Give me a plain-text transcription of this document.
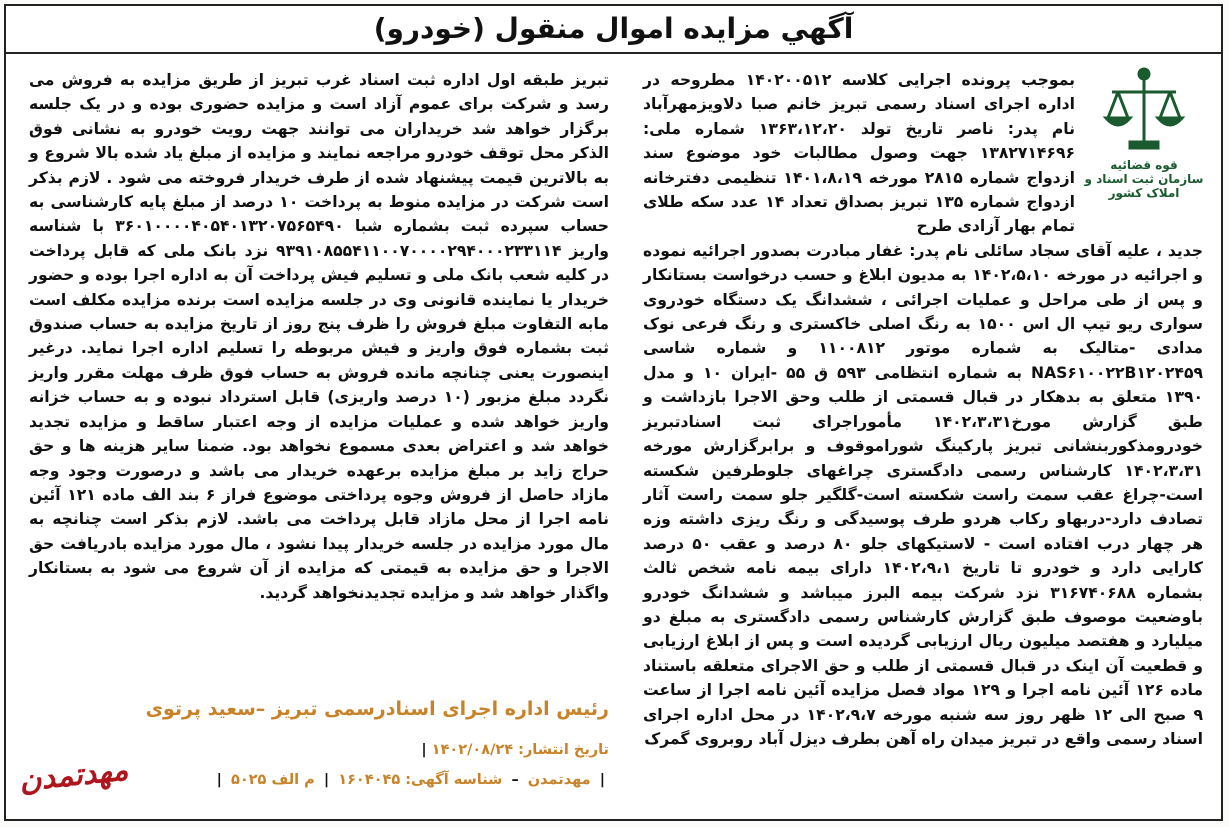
آگهي مزايده اموال منقول (خودرو)
قوه قضائیه
سازمان ثبت اسناد و املاک کشور

بموجب پرونده اجرایی کلاسه ۱۴۰۲۰۰۵۱۲ مطروحه در اداره اجرای اسناد رسمی تبریز خانم صبا دلاویزمهرآباد نام پدر: ناصر تاریخ تولد ۱۳۶۳،۱۲،۲۰ شماره ملی: ۱۳۸۲۷۱۴۶۹۶ جهت وصول مطالبات خود موضوع سند ازدواج شماره ۲۸۱۵ مورخه ۱۴۰۱،۸،۱۹ تنظیمی دفترخانه ازدواج شماره ۱۳۵ تبریز بصداق تعداد ۱۴ عدد سکه طلای تمام بهار آزادی طرح

جدید ، علیه آقای سجاد سائلی نام پدر: غفار مبادرت بصدور اجرائیه نموده و اجرائیه در مورخه ۱۴۰۲،۵،۱۰ به مدیون ابلاغ و حسب درخواست بستانکار و پس از طی مراحل و عملیات اجرائی ، ششدانگ یک دستگاه خودروی سواری ریو تیپ ال اس ۱۵۰۰ به رنگ اصلی خاکستری و رنگ فرعی نوک مدادی -متالیک به شماره موتور ۱۱۰۰۸۱۲ و شماره شاسی NAS۶۱۰۰۲۲B۱۲۰۲۴۵۹ به شماره انتظامی ۵۹۳ ق ۵۵ -ایران ۱۰ و مدل ۱۳۹۰ متعلق به بدهکار در قبال قسمتی از طلب وحق الاجرا بازداشت و طبق گزارش مورخ۱۴۰۲،۳،۳۱ مأموراجرای ثبت اسنادتبریز خودرومذکوربنشانی تبریز پارکینگ شوراموقوف و برابرگزارش مورخه ۱۴۰۲،۳،۳۱ کارشناس رسمی دادگستری چراغهای جلوطرفین شکسته است-چراغ عقب سمت راست شکسته است-گلگیر جلو سمت راست آثار تصادف دارد-دربهاو رکاب هردو طرف پوسیدگی و رنگ ریزی داشته وزه هر چهار درب افتاده است - لاستیکهای جلو ۸۰ درصد و عقب ۵۰ درصد کارایی دارد و خودرو تا تاریخ ۱۴۰۲،۹،۱ دارای بیمه نامه شخص ثالث بشماره ۳۱۶۷۴۰۶۸۸ نزد شرکت بیمه البرز میباشد و ششدانگ خودرو باوضعیت موصوف طبق گزارش کارشناس رسمی دادگستری به مبلغ دو میلیارد و هفتصد میلیون ریال ارزیابی گردیده است و پس از ابلاغ ارزیابی و قطعیت آن اینک در قبال قسمتی از طلب و حق الاجرای متعلقه باستناد ماده ۱۲۶ آئین نامه اجرا و ۱۲۹ مواد فصل مزایده آئین نامه اجرا از ساعت ۹ صبح الی ۱۲ ظهر روز سه شنبه مورخه ۱۴۰۲،۹،۷ در محل اداره اجرای اسناد رسمی واقع در تبریز میدان راه آهن بطرف دیزل آباد روبروی گمرک

تبریز طبقه اول اداره ثبت اسناد غرب تبریز از طریق مزایده به فروش می رسد و شرکت برای عموم آزاد است و مزایده حضوری بوده و در یک جلسه برگزار خواهد شد خریداران می توانند جهت رویت خودرو به نشانی فوق الذکر محل توقف خودرو مراجعه نمایند و مزایده از مبلغ یاد شده بالا شروع و به بالاترین قیمت پیشنهاد شده از طرف خریدار فروخته می شود . لازم بذکر است شرکت در مزایده منوط به پرداخت ۱۰ درصد از مبلغ پایه کارشناسی به حساب سپرده ثبت بشماره شبا ۳۶۰۱۰۰۰۰۴۰۵۴۰۱۳۲۰۷۵۶۵۴۹۰ با شناسه واریز ۹۳۹۱۰۸۵۵۴۱۱۰۰۷۰۰۰۰۲۹۴۰۰۰۲۳۳۱۱۴ نزد بانک ملی که قابل پرداخت در کلیه شعب بانک ملی و تسلیم فیش پرداخت آن به اداره اجرا بوده و حضور خریدار یا نماینده قانونی وی در جلسه مزایده است برنده مزایده مکلف است مابه التفاوت مبلغ فروش را ظرف پنج روز از تاریخ مزایده به حساب صندوق ثبت بشماره فوق واریز و فیش مربوطه را تسلیم اداره اجرا نماید. درغیر اینصورت یعنی چنانچه مانده فروش به حساب فوق ظرف مهلت مقرر واریز نگردد مبلغ مزبور (۱۰ درصد واریزی) قابل استرداد نبوده و به حساب خزانه واریز خواهد شده و عملیات مزایده از وجه اعتبار ساقط و مزایده تجدید خواهد شد و اعتراض بعدی مسموع نخواهد بود. ضمنا سایر هزینه ها و حق حراج زاید بر مبلغ مزایده برعهده خریدار می باشد و درصورت وجود وجه مازاد حاصل از فروش وجوه پرداختی موضوع فراز ۶ بند الف ماده ۱۲۱ آئین نامه اجرا از محل مازاد قابل پرداخت می باشد. لازم بذکر است چنانچه به مال مورد مزایده در جلسه خریدار پیدا نشود ، مال مورد مزایده بادریافت حق الاجرا و حق مزایده به قیمتی که مزایده از آن شروع می شود به بستانکار واگذار خواهد شد و مزایده تجدیدنخواهد گردید.

رئیس اداره اجرای اسنادرسمی تبریز –سعید پرتوی
تاریخ انتشار: ۱۴۰۲/۰۸/۲۴ |
| مهدتمدن – شناسه آگهی: ۱۶۰۴۰۴۵ | م الف ۵۰۲۵ |
مهدتمدن
